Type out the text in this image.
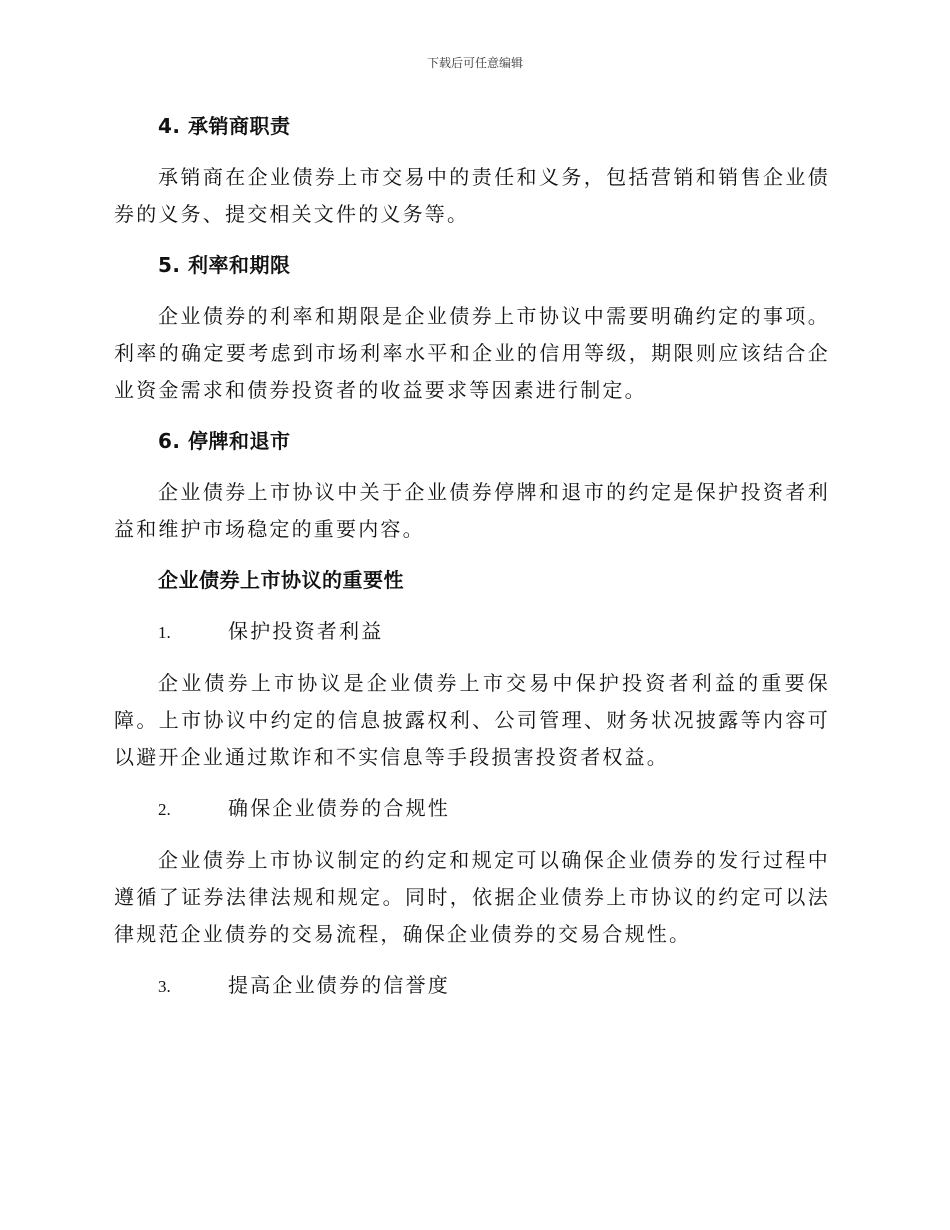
下载后可任意编辑
4. 承销商职责

承销商在企业债券上市交易中的责任和义务，包括营销和销售企业债券的义务、提交相关文件的义务等。

5. 利率和期限

企业债券的利率和期限是企业债券上市协议中需要明确约定的事项。利率的确定要考虑到市场利率水平和企业的信用等级，期限则应该结合企业资金需求和债券投资者的收益要求等因素进行制定。

6. 停牌和退市

企业债券上市协议中关于企业债券停牌和退市的约定是保护投资者利益和维护市场稳定的重要内容。

企业债券上市协议的重要性
1.	保护投资者利益

企业债券上市协议是企业债券上市交易中保护投资者利益的重要保障。上市协议中约定的信息披露权利、公司管理、财务状况披露等内容可以避开企业通过欺诈和不实信息等手段损害投资者权益。

2.	确保企业债券的合规性

企业债券上市协议制定的约定和规定可以确保企业债券的发行过程中遵循了证券法律法规和规定。同时，依据企业债券上市协议的约定可以法律规范企业债券的交易流程，确保企业债券的交易合规性。

3.	提高企业债券的信誉度
